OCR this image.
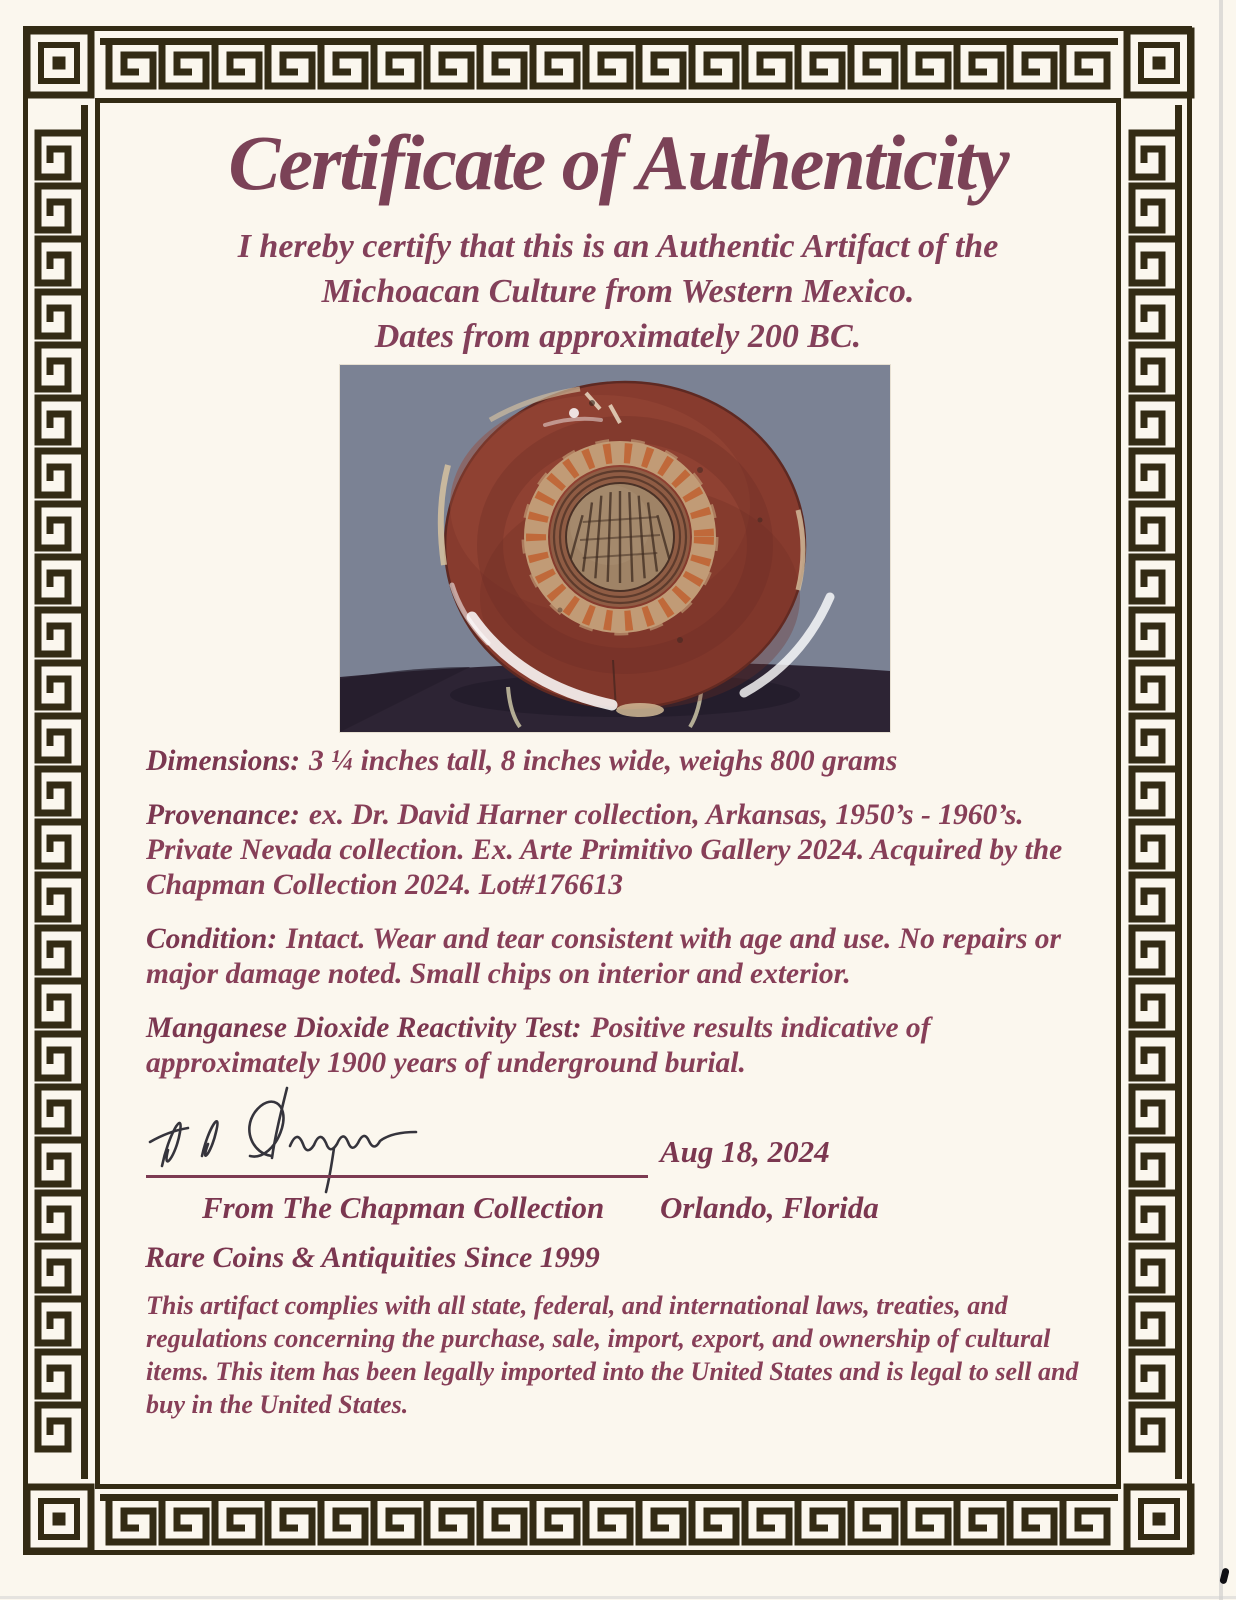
Certificate of Authenticity
I hereby certify that this is an Authentic Artifact of the
Michoacan Culture from Western Mexico.
Dates from approximately 200 BC.

Dimensions: 3 ¼ inches tall, 8 inches wide, weighs 800 grams

Provenance: ex. Dr. David Harner collection, Arkansas, 1950’s - 1960’s. Private Nevada collection. Ex. Arte Primitivo Gallery 2024. Acquired by the Chapman Collection 2024. Lot#176613

Condition: Intact. Wear and tear consistent with age and use. No repairs or major damage noted. Small chips on interior and exterior.

Manganese Dioxide Reactivity Test: Positive results indicative of approximately 1900 years of underground burial.

Aug 18, 2024
From The Chapman Collection Orlando, Florida
Rare Coins & Antiquities Since 1999
This artifact complies with all state, federal, and international laws, treaties, and regulations concerning the purchase, sale, import, export, and ownership of cultural items. This item has been legally imported into the United States and is legal to sell and buy in the United States.
